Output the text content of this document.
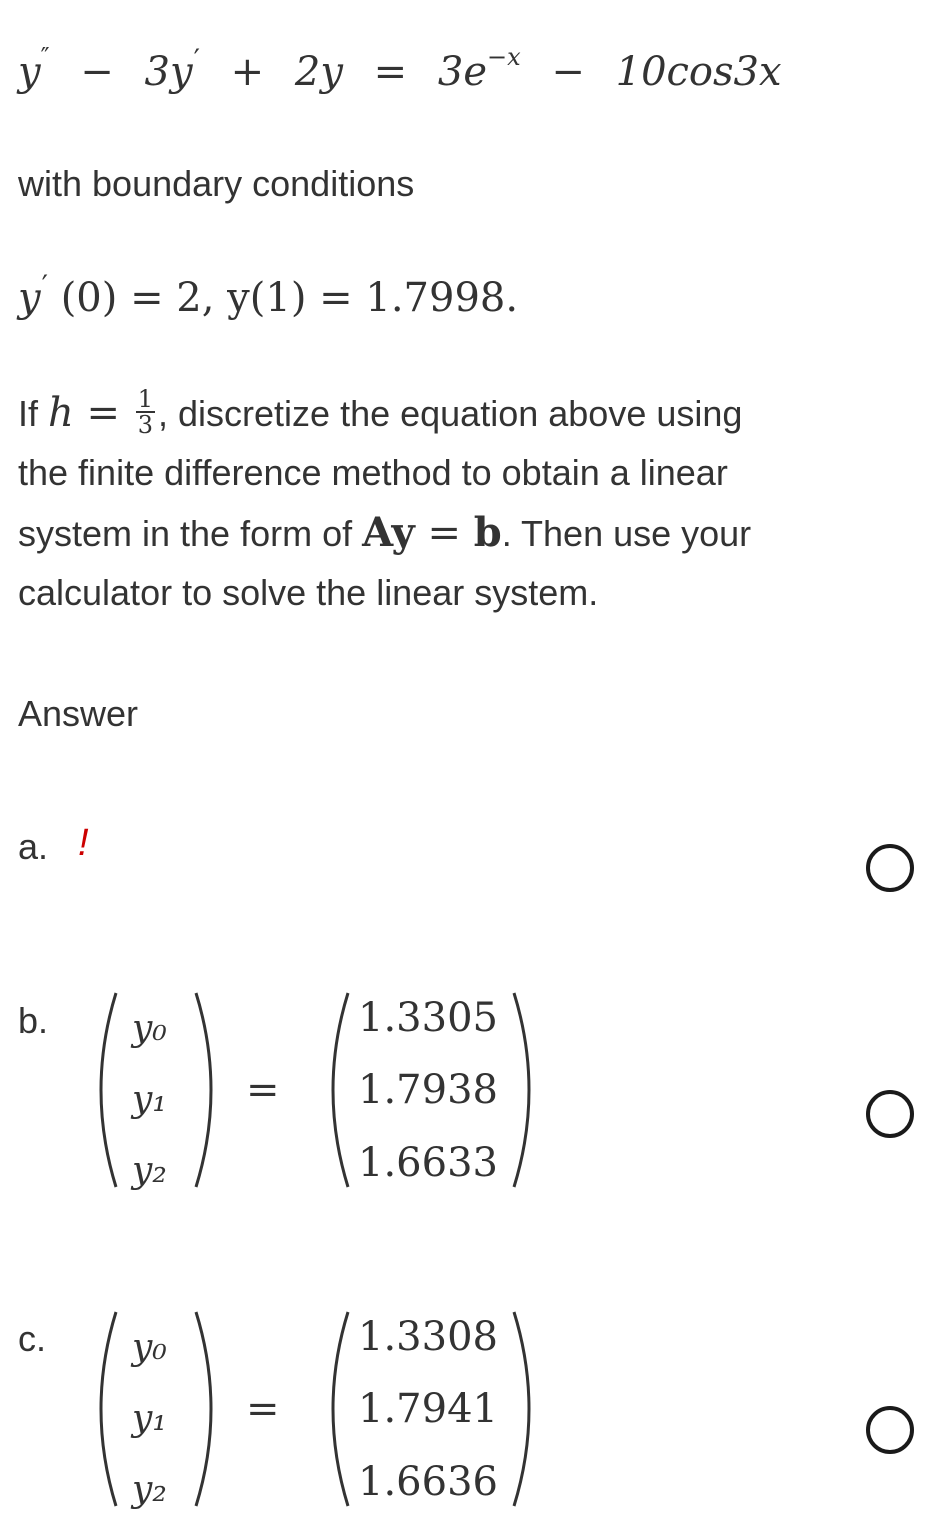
$y'' - 3y' + 2y = 3e^{-x} - 10\cos 3x$
with boundary conditions
y′ (0) = 2, y(1) = 1.7998.
If $h = \frac{1}{3}$ , discretize the equation above using
the finite difference method to obtain a linear
system in the form of Ay = b. Then use your
calculator to solve the linear system.
Answer
a. !
b. y₀
y₁
y₂
=
1.3305
1.7938
1.6633
c. y₀
y₁
y₂
=
1.3308
1.7941
1.6636
